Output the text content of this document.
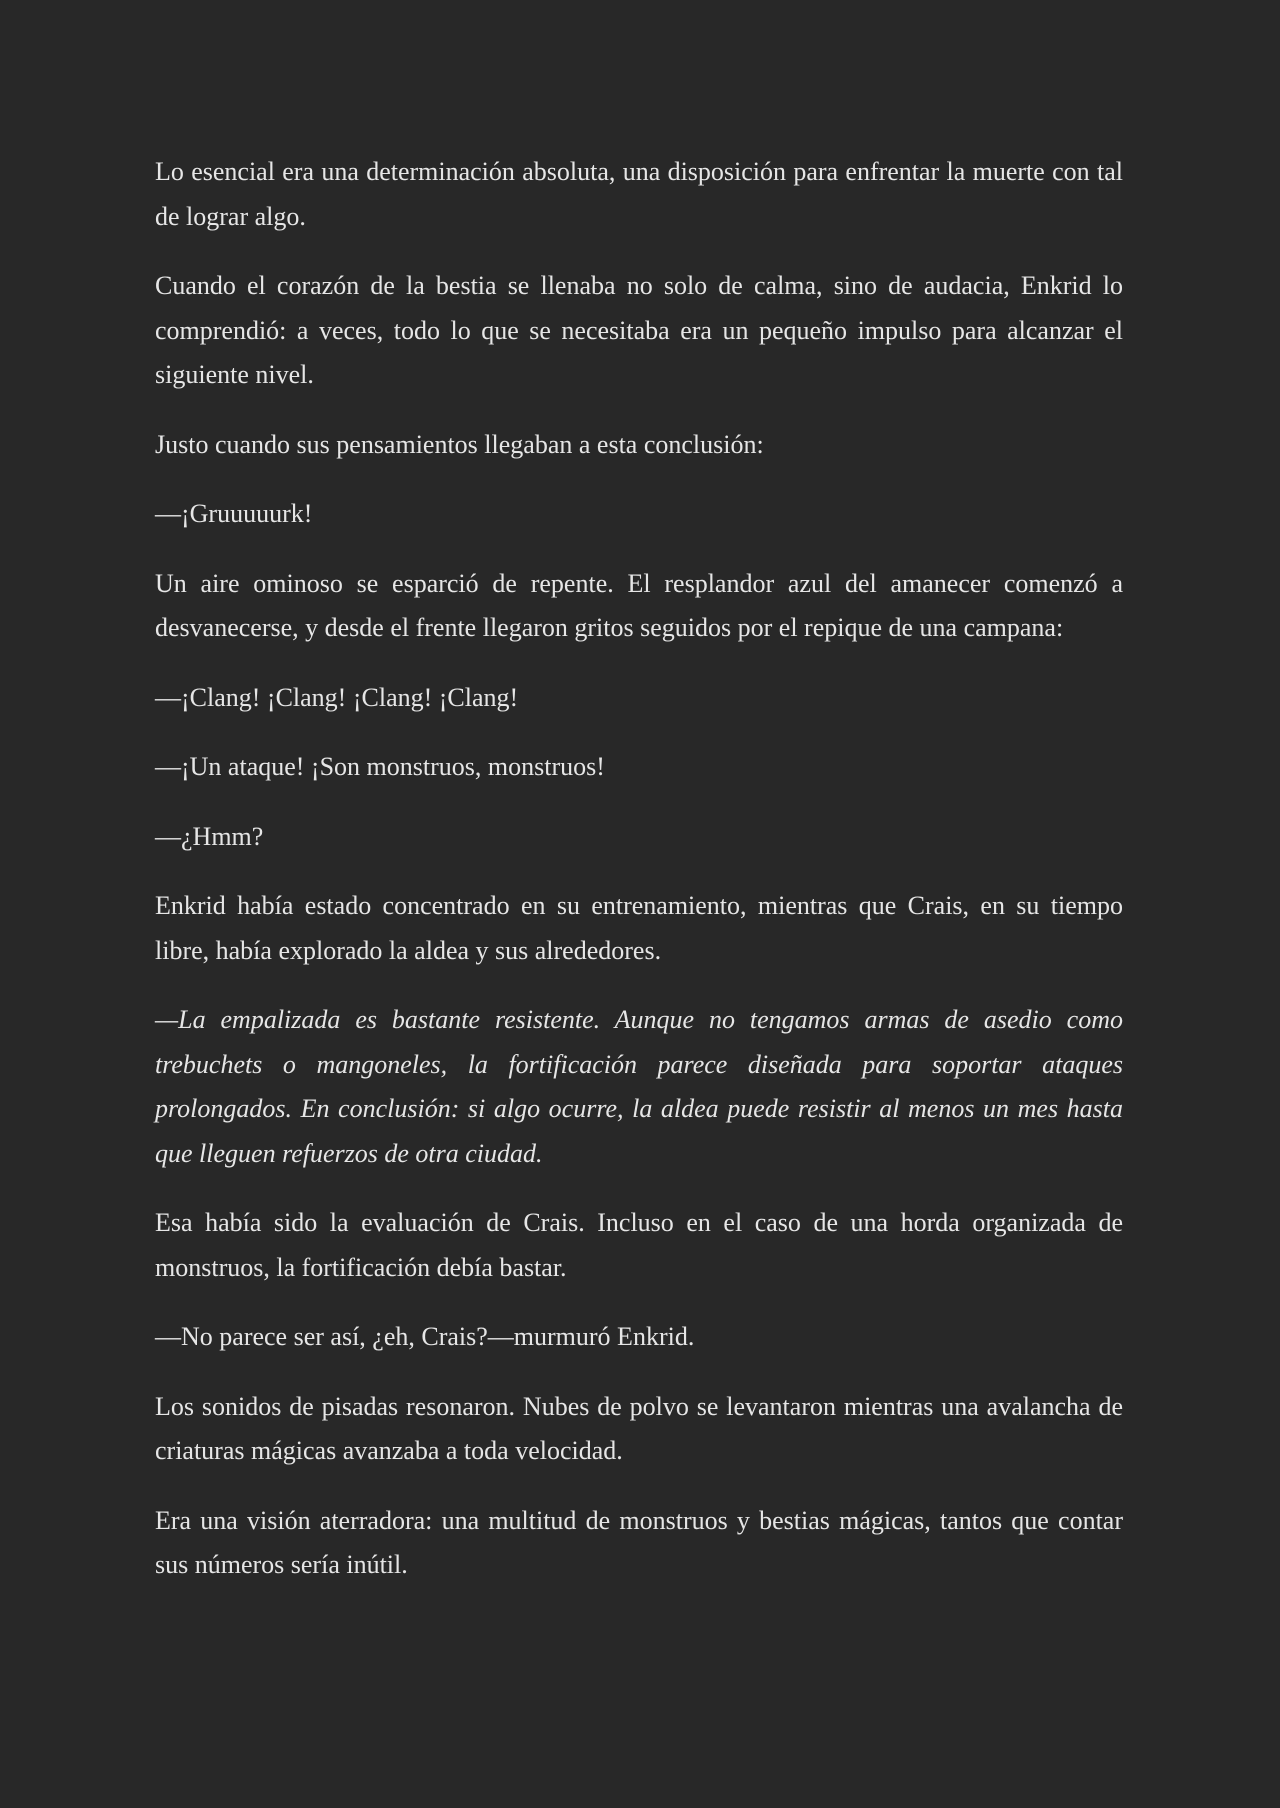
Lo esencial era una determinación absoluta, una disposición para enfrentar la muerte con tal de lograr algo.

Cuando el corazón de la bestia se llenaba no solo de calma, sino de audacia, Enkrid lo comprendió: a veces, todo lo que se necesitaba era un pequeño impulso para alcanzar el siguiente nivel.

Justo cuando sus pensamientos llegaban a esta conclusión:

—¡Gruuuuurk!

Un aire ominoso se esparció de repente. El resplandor azul del amanecer comenzó a desvanecerse, y desde el frente llegaron gritos seguidos por el repique de una campana:

—¡Clang! ¡Clang! ¡Clang! ¡Clang!

—¡Un ataque! ¡Son monstruos, monstruos!

—¿Hmm?

Enkrid había estado concentrado en su entrenamiento, mientras que Crais, en su tiempo libre, había explorado la aldea y sus alrededores.

—La empalizada es bastante resistente. Aunque no tengamos armas de asedio como trebuchets o mangoneles, la fortificación parece diseñada para soportar ataques prolongados. En conclusión: si algo ocurre, la aldea puede resistir al menos un mes hasta que lleguen refuerzos de otra ciudad.

Esa había sido la evaluación de Crais. Incluso en el caso de una horda organizada de monstruos, la fortificación debía bastar.

—No parece ser así, ¿eh, Crais?—murmuró Enkrid.

Los sonidos de pisadas resonaron. Nubes de polvo se levantaron mientras una avalancha de criaturas mágicas avanzaba a toda velocidad.

Era una visión aterradora: una multitud de monstruos y bestias mágicas, tantos que contar sus números sería inútil.
